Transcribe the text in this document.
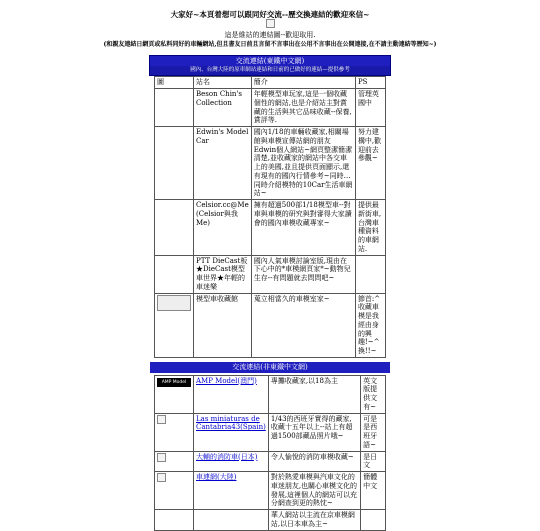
大家好~本頁着想可以跟同好交流--歷交換連結的歡迎來信~
這是維站的連結圖--歡迎取用.
(和親友連結日網頁或私料同好的車輛網站,但且書友日前且言留不言事出在公用不言事出在公開連接,在不請主動連結等歷知~)
交流連結(東鐵中文網)
國內、台灣大陸的原車網站連結和日前的已做好的連結—提供參考
圖	站名	簡介	PS
	Beson Chin's Collection	年輕模型車玩家,這是一個收藏個性的網站,也是介紹站主對賞藏的生活與其它品味收藏--保養,賞評等.	管理英國中
	Edwin's Model Car	國內1/18的車輛收藏家,相關場館與車模宣傳站網的朋友Edwin個人網站~網頁整潔簡潔清楚,並收藏家的網站中各交車上的美國,並且提供頁面顯示,還有現有的國內行情參考~同時…同時介紹模特的10Car生活車網站~	努力建構中,歡迎前去參觀~
	Celsior.cc@Me (Celsior與我Me)	擁有超過500部1/18模型車--對車與車模的研究與對審得大家讀會的國內車模收藏專家~	提供最新街車,台灣車種資料的車網站.
	PTT DieCast板 ★DieCast模型車世界★年輕的車迷樂	國內人氣車模討論室版,現由在下心中的*車模網頁家*~動物兒生存--有問題就去問問吧~	
	模型車收藏館	蒐立相當久的車模室家~	節首:^收藏車模是我經由身的興趣!~^換!!~
交流連結(非東鐵中文網)
AMP Model	AMP Model(澳門)	專攤收藏家,以18為主	英文版提供文有~
	Las miniaturas de Cantabria43(Spain)	1/43的西班牙實得的藏家,收藏十五年以上--站上有超過1500部藏品照片哦~	可是是西班牙語~
	大輔的消防車(日本)	令人愉悅的消防車模收藏~	是日文
	車連網(大陸)	對於熱愛車模與汽車文化的車迷朋友,也關心車模文化的發展,這裡個人的網站可以充分網查到更的熱忱~	簡體中文
		華人網站以主流在京車模網站,以日本車為主~	
